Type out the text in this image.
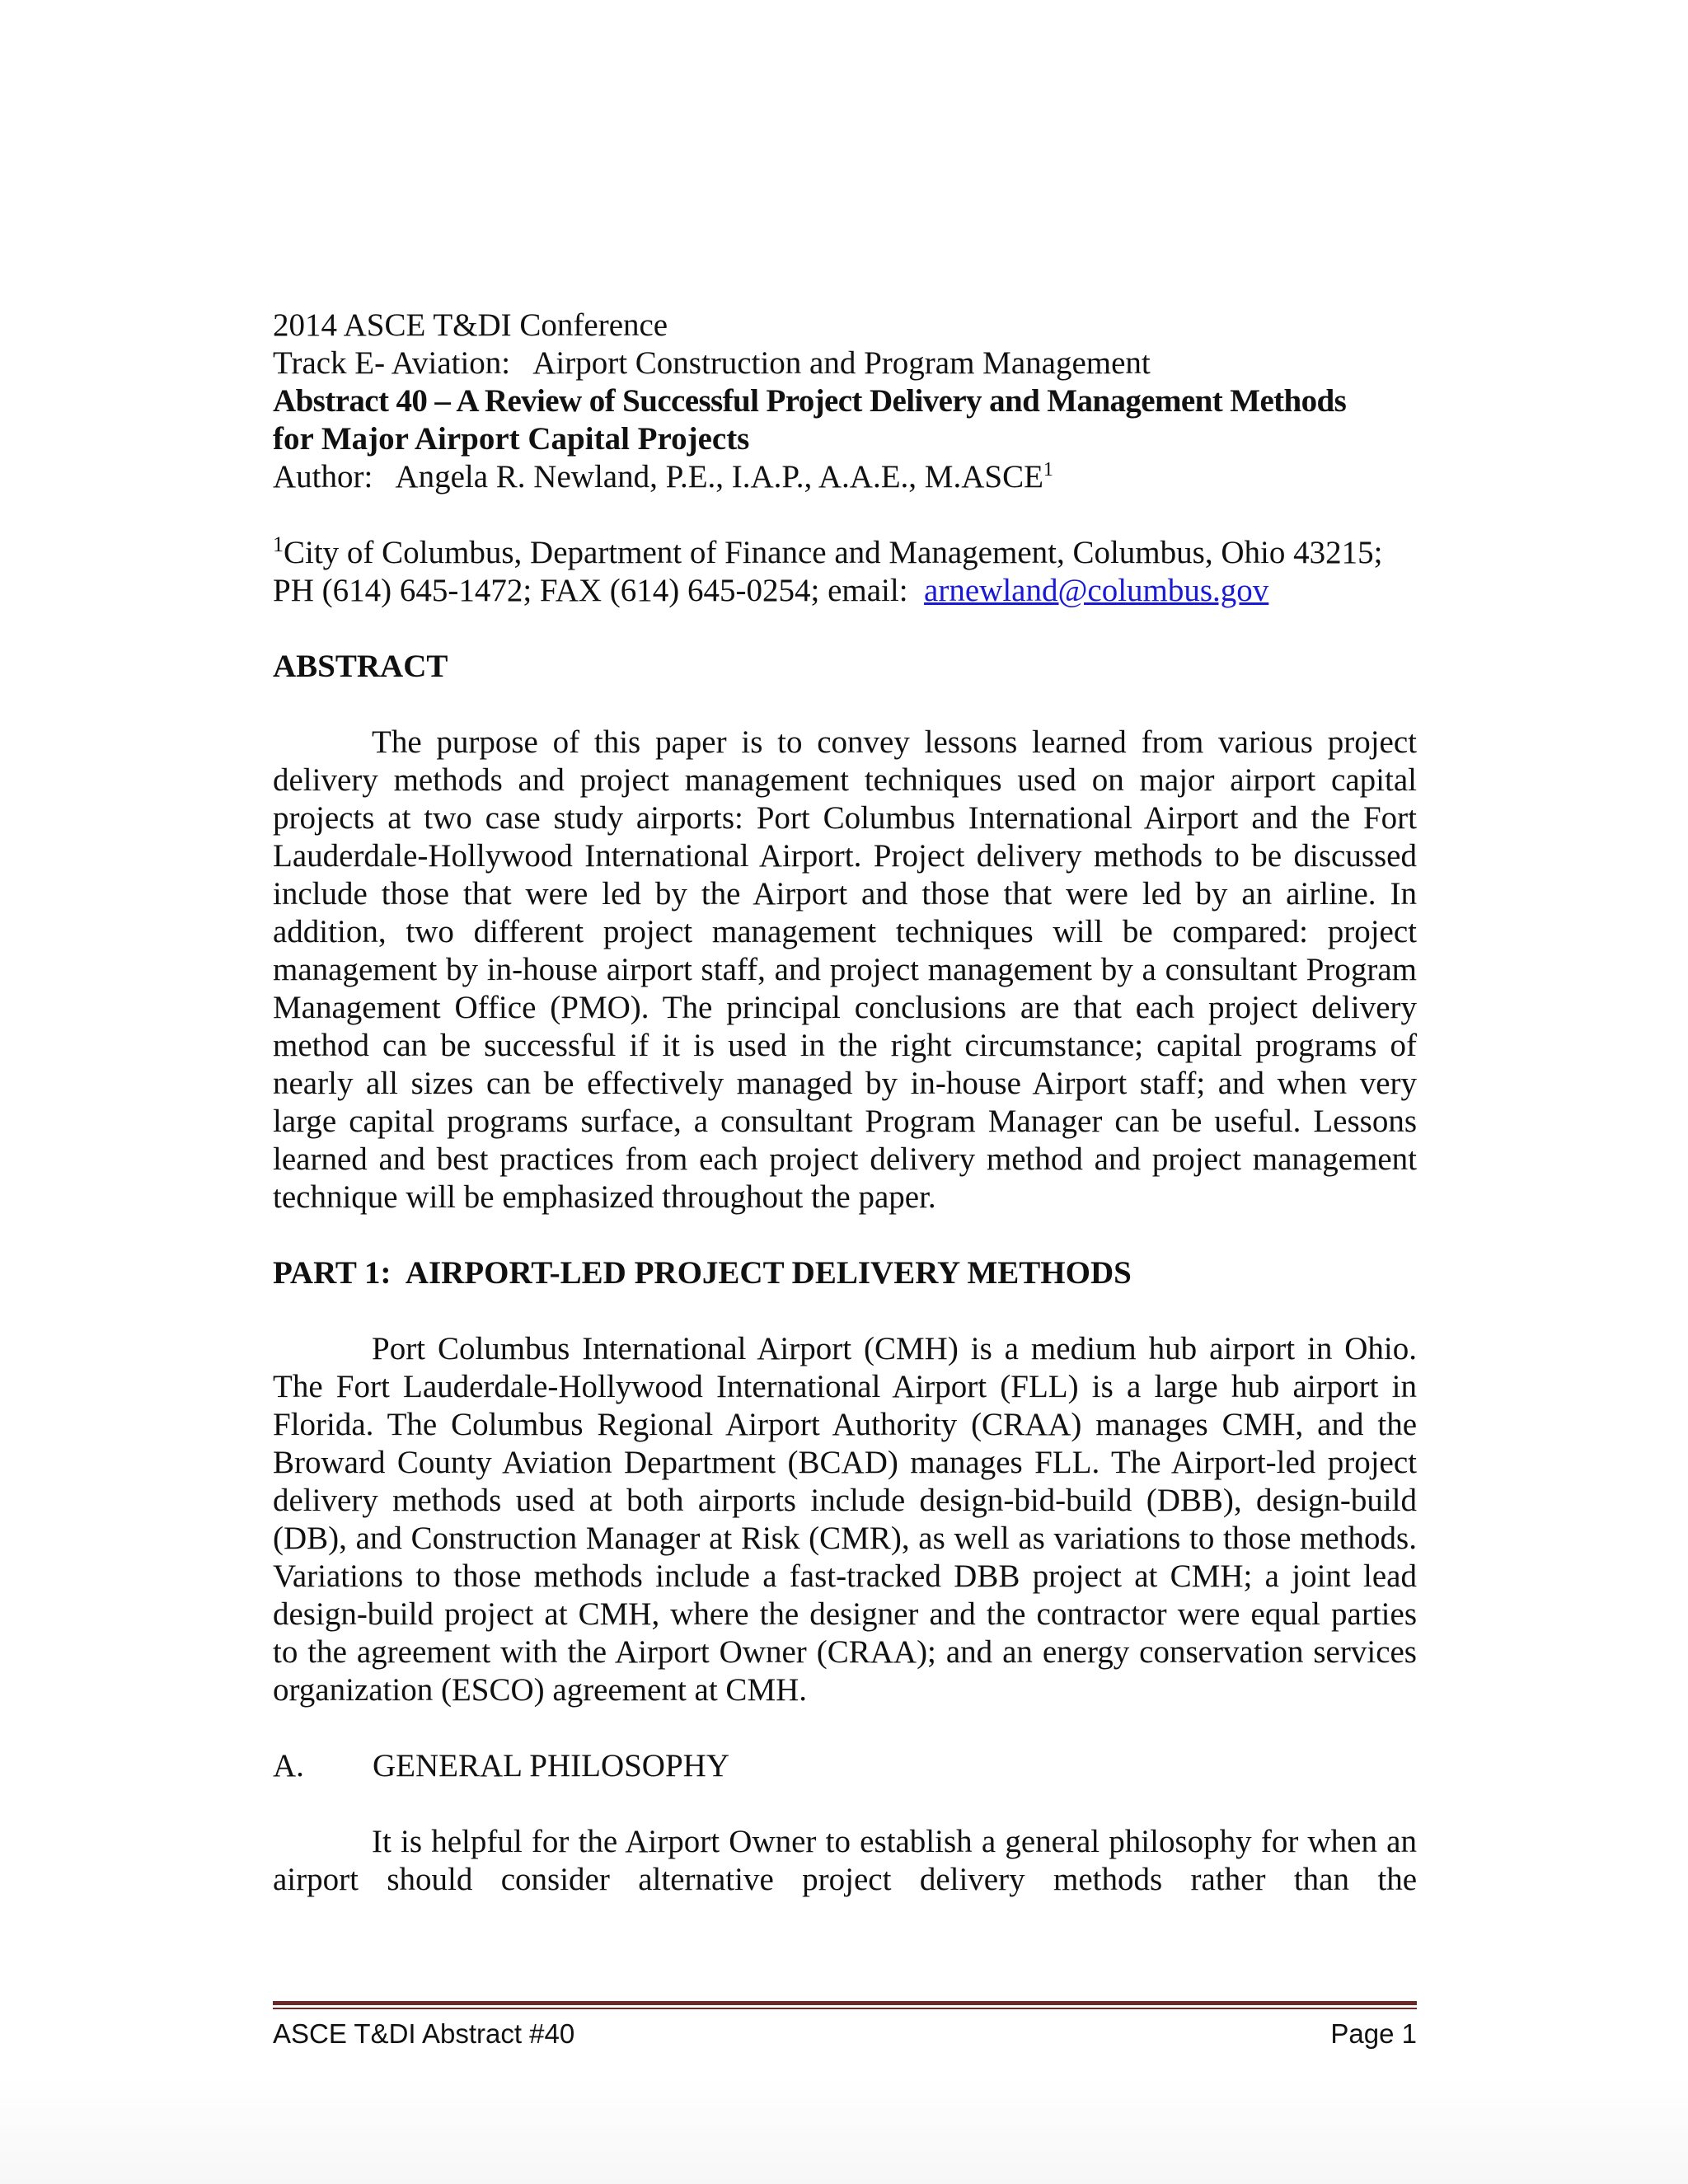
2014 ASCE T&DI Conference

Track E- Aviation:   Airport Construction and Program Management

Abstract 40 – A Review of Successful Project Delivery and Management Methods

for Major Airport Capital Projects

Author:   Angela R. Newland, P.E., I.A.P., A.A.E., M.ASCE$^1$

$^1$City of Columbus, Department of Finance and Management, Columbus, Ohio 43215;

PH (614) 645-1472; FAX (614) 645-0254; email:  arnewland@columbus.gov

ABSTRACT

The purpose of this paper is to convey lessons learned from various project delivery methods and project management techniques used on major airport capital projects at two case study airports: Port Columbus International Airport and the Fort Lauderdale-Hollywood International Airport. Project delivery methods to be discussed include those that were led by the Airport and those that were led by an airline. In addition, two different project management techniques will be compared: project management by in-house airport staff, and project management by a consultant Program Management Office (PMO). The principal conclusions are that each project delivery method can be successful if it is used in the right circumstance; capital programs of nearly all sizes can be effectively managed by in-house Airport staff; and when very large capital programs surface, a consultant Program Manager can be useful. Lessons learned and best practices from each project delivery method and project management technique will be emphasized throughout the paper.

PART 1:  AIRPORT-LED PROJECT DELIVERY METHODS

Port Columbus International Airport (CMH) is a medium hub airport in Ohio. The Fort Lauderdale-Hollywood International Airport (FLL) is a large hub airport in Florida. The Columbus Regional Airport Authority (CRAA) manages CMH, and the Broward County Aviation Department (BCAD) manages FLL. The Airport-led project delivery methods used at both airports include design-bid-build (DBB), design-build (DB), and Construction Manager at Risk (CMR), as well as variations to those methods. Variations to those methods include a fast-tracked DBB project at CMH; a joint lead design-build project at CMH, where the designer and the contractor were equal parties to the agreement with the Airport Owner (CRAA); and an energy conservation services organization (ESCO) agreement at CMH.

A.	GENERAL PHILOSOPHY

It is helpful for the Airport Owner to establish a general philosophy for when an airport should consider alternative project delivery methods rather than the

ASCE T&DI Abstract #40	Page 1
